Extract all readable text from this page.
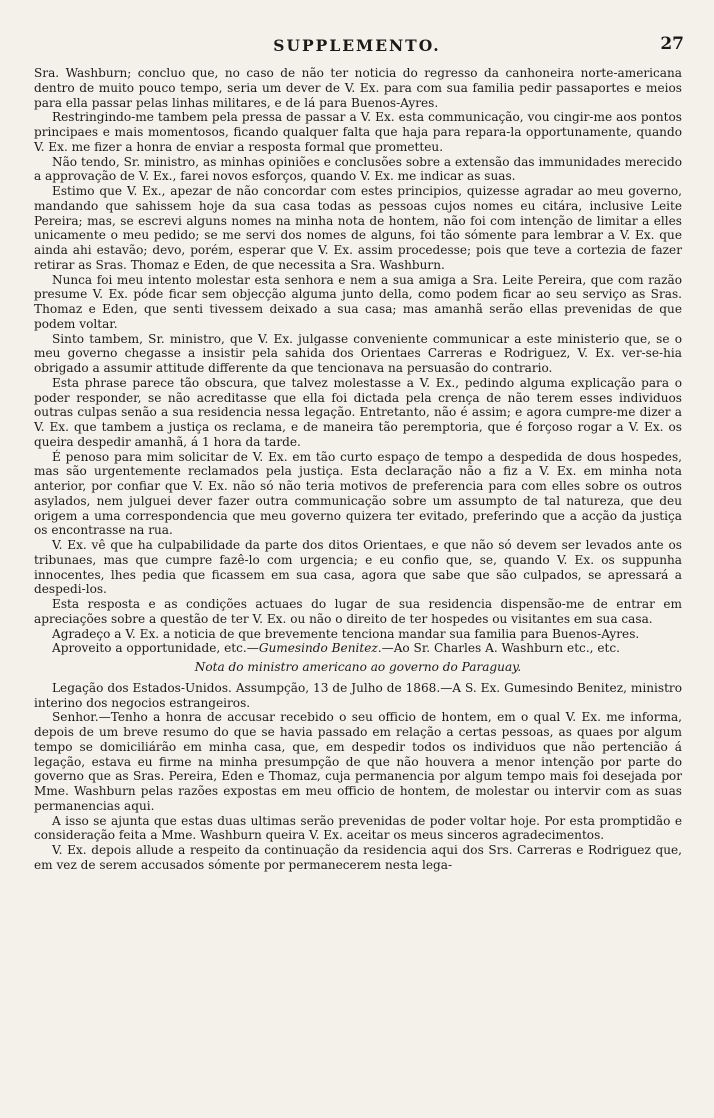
SUPPLEMENTO.	27

Sra. Washburn; concluo que, no caso de não ter noticia do regresso da canhoneira norte-americana dentro de muito pouco tempo, seria um dever de V. Ex. para com sua familia pedir passaportes e meios para ella passar pelas linhas militares, e de lá para Buenos-Ayres.

Restringindo-me tambem pela pressa de passar a V. Ex. esta communicação, vou cingir-me aos pontos principaes e mais momentosos, ficando qualquer falta que haja para repara-la opportunamente, quando V. Ex. me fizer a honra de enviar a resposta formal que prometteu.

Não tendo, Sr. ministro, as minhas opiniões e conclusões sobre a extensão das immunidades merecido a approvação de V. Ex., farei novos esforços, quando V. Ex. me indicar as suas.

Estimo que V. Ex., apezar de não concordar com estes principios, quizesse agradar ao meu governo, mandando que sahissem hoje da sua casa todas as pessoas cujos nomes eu citára, inclusive Leite Pereira; mas, se escrevi alguns nomes na minha nota de hontem, não foi com intenção de limitar a elles unicamente o meu pedido; se me servi dos nomes de alguns, foi tão sómente para lembrar a V. Ex. que ainda ahi estavão; devo, porém, esperar que V. Ex. assim procedesse; pois que teve a cortezia de fazer retirar as Sras. Thomaz e Eden, de que necessita a Sra. Washburn.

Nunca foi meu intento molestar esta senhora e nem a sua amiga a Sra. Leite Pereira, que com razão presume V. Ex. póde ficar sem objecção alguma junto della, como podem ficar ao seu serviço as Sras. Thomaz e Eden, que senti tivessem deixado a sua casa; mas amanhã serão ellas prevenidas de que podem voltar.

Sinto tambem, Sr. ministro, que V. Ex. julgasse conveniente communicar a este ministerio que, se o meu governo chegasse a insistir pela sahida dos Orientaes Carreras e Rodriguez, V. Ex. ver-se-hia obrigado a assumir attitude differente da que tencionava na persuasão do contrario.

Esta phrase parece tão obscura, que talvez molestasse a V. Ex., pedindo alguma explicação para o poder responder, se não acreditasse que ella foi dictada pela crença de não terem esses individuos outras culpas senão a sua residencia nessa legação. Entretanto, não é assim; e agora cumpre-me dizer a V. Ex. que tambem a justiça os reclama, e de maneira tão peremptoria, que é forçoso rogar a V. Ex. os queira despedir amanhã, á 1 hora da tarde.

É penoso para mim solicitar de V. Ex. em tão curto espaço de tempo a despedida de dous hospedes, mas são urgentemente reclamados pela justiça. Esta declaração não a fiz a V. Ex. em minha nota anterior, por confiar que V. Ex. não só não teria motivos de preferencia para com elles sobre os outros asylados, nem julguei dever fazer outra communicação sobre um assumpto de tal natureza, que deu origem a uma correspondencia que meu governo quizera ter evitado, preferindo que a acção da justiça os encontrasse na rua.

V. Ex. vê que ha culpabilidade da parte dos ditos Orientaes, e que não só devem ser levados ante os tribunaes, mas que cumpre fazê-lo com urgencia; e eu confio que, se, quando V. Ex. os suppunha innocentes, lhes pedia que ficassem em sua casa, agora que sabe que são culpados, se apressará a despedi-los.

Esta resposta e as condições actuaes do lugar de sua residencia dispensão-me de entrar em apreciações sobre a questão de ter V. Ex. ou não o direito de ter hospedes ou visitantes em sua casa.

Agradeço a V. Ex. a noticia de que brevemente tenciona mandar sua familia para Buenos-Ayres.

Aproveito a opportunidade, etc.—Gumesindo Benitez.—Ao Sr. Charles A. Washburn etc., etc.

Nota do ministro americano ao governo do Paraguay.

Legação dos Estados-Unidos. Assumpção, 13 de Julho de 1868.—A S. Ex. Gumesindo Benitez, ministro interino dos negocios estrangeiros.

Senhor.—Tenho a honra de accusar recebido o seu officio de hontem, em o qual V. Ex. me informa, depois de um breve resumo do que se havia passado em relação a certas pessoas, as quaes por algum tempo se domiciliárão em minha casa, que, em despedir todos os individuos que não pertencião á legação, estava eu firme na minha presumpção de que não houvera a menor intenção por parte do governo que as Sras. Pereira, Eden e Thomaz, cuja permanencia por algum tempo mais foi desejada por Mme. Washburn pelas razões expostas em meu officio de hontem, de molestar ou intervir com as suas permanencias aqui.

A isso se ajunta que estas duas ultimas serão prevenidas de poder voltar hoje. Por esta promptidão e consideração feita a Mme. Washburn queira V. Ex. aceitar os meus sinceros agradecimentos.

V. Ex. depois allude a respeito da continuação da residencia aqui dos Srs. Carreras e Rodriguez que, em vez de serem accusados sómente por permanecerem nesta lega-
